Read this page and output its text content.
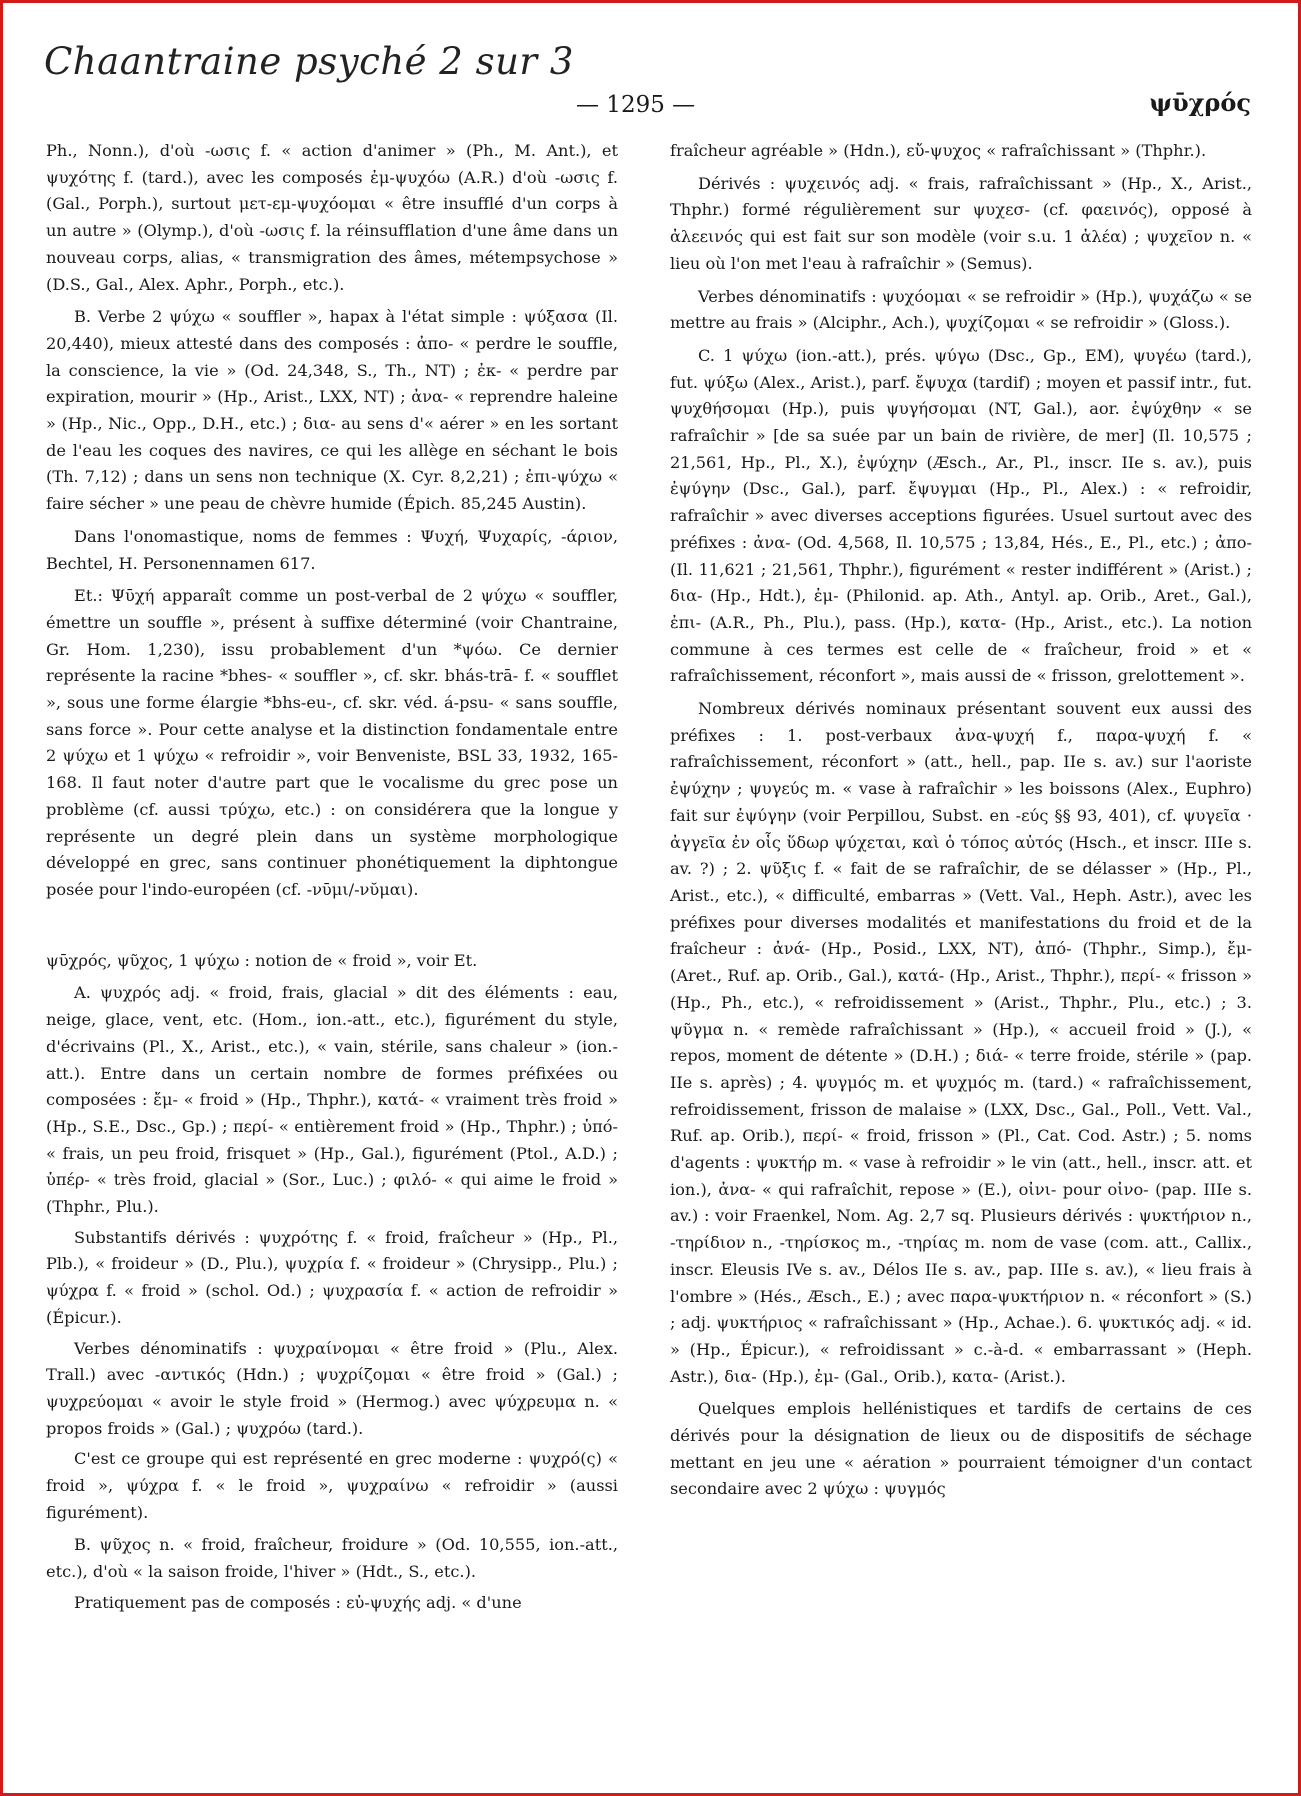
Chaantraine psyché 2 sur 3
— 1295 —	ψῡχρός

Ph., Nonn.), d'où -ωσις f. « action d'animer » (Ph., M. Ant.), et ψυχότης f. (tard.), avec les composés ἐμ-ψυχόω (A.R.) d'où -ωσις f. (Gal., Porph.), surtout μετ-εμ-ψυχόομαι « être insufflé d'un corps à un autre » (Olymp.), d'où -ωσις f. la réinsufflation d'une âme dans un nouveau corps, alias, « transmigration des âmes, métempsychose » (D.S., Gal., Alex. Aphr., Porph., etc.).

B. Verbe 2 ψύχω « souffler », hapax à l'état simple : ψύξασα (Il. 20,440), mieux attesté dans des composés : ἀπο- « perdre le souffle, la conscience, la vie » (Od. 24,348, S., Th., NT) ; ἐκ- « perdre par expiration, mourir » (Hp., Arist., LXX, NT) ; ἀνα- « reprendre haleine » (Hp., Nic., Opp., D.H., etc.) ; δια- au sens d'« aérer » en les sortant de l'eau les coques des navires, ce qui les allège en séchant le bois (Th. 7,12) ; dans un sens non technique (X. Cyr. 8,2,21) ; ἐπι-ψύχω « faire sécher » une peau de chèvre humide (Épich. 85,245 Austin).

Dans l'onomastique, noms de femmes : Ψυχή, Ψυχαρίς, -άριον, Bechtel, H. Personennamen 617.

Et.: Ψῡχή apparaît comme un post-verbal de 2 ψύχω « souffler, émettre un souffle », présent à suffixe déterminé (voir Chantraine, Gr. Hom. 1,230), issu probablement d'un *ψόω. Ce dernier représente la racine *bhes- « souffler », cf. skr. bhás-trā- f. « soufflet », sous une forme élargie *bhs-eu-, cf. skr. véd. á-psu- « sans souffle, sans force ». Pour cette analyse et la distinction fondamentale entre 2 ψύχω et 1 ψύχω « refroidir », voir Benveniste, BSL 33, 1932, 165-168. Il faut noter d'autre part que le vocalisme du grec pose un problème (cf. aussi τρύχω, etc.) : on considérera que la longue y représente un degré plein dans un système morphologique développé en grec, sans continuer phonétiquement la diphtongue posée pour l'indo-européen (cf. -νῡμι/-νῠμαι).

ψῡχρός, ψῦχος, 1 ψύχω : notion de « froid », voir Et.

A. ψυχρός adj. « froid, frais, glacial » dit des éléments : eau, neige, glace, vent, etc. (Hom., ion.-att., etc.), figurément du style, d'écrivains (Pl., X., Arist., etc.), « vain, stérile, sans chaleur » (ion.-att.). Entre dans un certain nombre de formes préfixées ou composées : ἔμ- « froid » (Hp., Thphr.), κατά- « vraiment très froid » (Hp., S.E., Dsc., Gp.) ; περί- « entièrement froid » (Hp., Thphr.) ; ὑπό- « frais, un peu froid, frisquet » (Hp., Gal.), figurément (Ptol., A.D.) ; ὑπέρ- « très froid, glacial » (Sor., Luc.) ; φιλό- « qui aime le froid » (Thphr., Plu.).

Substantifs dérivés : ψυχρότης f. « froid, fraîcheur » (Hp., Pl., Plb.), « froideur » (D., Plu.), ψυχρία f. « froideur » (Chrysipp., Plu.) ; ψύχρα f. « froid » (schol. Od.) ; ψυχρασία f. « action de refroidir » (Épicur.).

Verbes dénominatifs : ψυχραίνομαι « être froid » (Plu., Alex. Trall.) avec -αντικός (Hdn.) ; ψυχρίζομαι « être froid » (Gal.) ; ψυχρεύομαι « avoir le style froid » (Hermog.) avec ψύχρευμα n. « propos froids » (Gal.) ; ψυχρόω (tard.).

C'est ce groupe qui est représenté en grec moderne : ψυχρό(ς) « froid », ψύχρα f. « le froid », ψυχραίνω « refroidir » (aussi figurément).

B. ψῦχος n. « froid, fraîcheur, froidure » (Od. 10,555, ion.-att., etc.), d'où « la saison froide, l'hiver » (Hdt., S., etc.).

Pratiquement pas de composés : εὐ-ψυχής adj. « d'une

fraîcheur agréable » (Hdn.), εὔ-ψυχος « rafraîchissant » (Thphr.).

Dérivés : ψυχεινός adj. « frais, rafraîchissant » (Hp., X., Arist., Thphr.) formé régulièrement sur ψυχεσ- (cf. φαεινός), opposé à ἀλεεινός qui est fait sur son modèle (voir s.u. 1 ἀλέα) ; ψυχεῖον n. « lieu où l'on met l'eau à rafraîchir » (Semus).

Verbes dénominatifs : ψυχόομαι « se refroidir » (Hp.), ψυχάζω « se mettre au frais » (Alciphr., Ach.), ψυχίζομαι « se refroidir » (Gloss.).

C. 1 ψύχω (ion.-att.), prés. ψύγω (Dsc., Gp., EM), ψυγέω (tard.), fut. ψύξω (Alex., Arist.), parf. ἔψυχα (tardif) ; moyen et passif intr., fut. ψυχθήσομαι (Hp.), puis ψυγήσομαι (NT, Gal.), aor. ἐψύχθην « se rafraîchir » [de sa suée par un bain de rivière, de mer] (Il. 10,575 ; 21,561, Hp., Pl., X.), ἐψύχην (Æsch., Ar., Pl., inscr. IIe s. av.), puis ἐψύγην (Dsc., Gal.), parf. ἔψυγμαι (Hp., Pl., Alex.) : « refroidir, rafraîchir » avec diverses acceptions figurées. Usuel surtout avec des préfixes : ἀνα- (Od. 4,568, Il. 10,575 ; 13,84, Hés., E., Pl., etc.) ; ἀπο- (Il. 11,621 ; 21,561, Thphr.), figurément « rester indifférent » (Arist.) ; δια- (Hp., Hdt.), ἐμ- (Philonid. ap. Ath., Antyl. ap. Orib., Aret., Gal.), ἐπι- (A.R., Ph., Plu.), pass. (Hp.), κατα- (Hp., Arist., etc.). La notion commune à ces termes est celle de « fraîcheur, froid » et « rafraîchissement, réconfort », mais aussi de « frisson, grelottement ».

Nombreux dérivés nominaux présentant souvent eux aussi des préfixes : 1. post-verbaux ἀνα-ψυχή f., παρα-ψυχή f. « rafraîchissement, réconfort » (att., hell., pap. IIe s. av.) sur l'aoriste ἐψύχην ; ψυγεύς m. « vase à rafraîchir » les boissons (Alex., Euphro) fait sur ἐψύγην (voir Perpillou, Subst. en -εύς §§ 93, 401), cf. ψυγεῖα · ἀγγεῖα ἐν οἷς ὕδωρ ψύχεται, καὶ ὁ τόπος αὐτός (Hsch., et inscr. IIIe s. av. ?) ; 2. ψῦξις f. « fait de se rafraîchir, de se délasser » (Hp., Pl., Arist., etc.), « difficulté, embarras » (Vett. Val., Heph. Astr.), avec les préfixes pour diverses modalités et manifestations du froid et de la fraîcheur : ἀνά- (Hp., Posid., LXX, NT), ἀπό- (Thphr., Simp.), ἔμ- (Aret., Ruf. ap. Orib., Gal.), κατά- (Hp., Arist., Thphr.), περί- « frisson » (Hp., Ph., etc.), « refroidissement » (Arist., Thphr., Plu., etc.) ; 3. ψῦγμα n. « remède rafraîchissant » (Hp.), « accueil froid » (J.), « repos, moment de détente » (D.H.) ; διά- « terre froide, stérile » (pap. IIe s. après) ; 4. ψυγμός m. et ψυχμός m. (tard.) « rafraîchissement, refroidissement, frisson de malaise » (LXX, Dsc., Gal., Poll., Vett. Val., Ruf. ap. Orib.), περί- « froid, frisson » (Pl., Cat. Cod. Astr.) ; 5. noms d'agents : ψυκτήρ m. « vase à refroidir » le vin (att., hell., inscr. att. et ion.), ἀνα- « qui rafraîchit, repose » (E.), οἰνι- pour οἰνο- (pap. IIIe s. av.) : voir Fraenkel, Nom. Ag. 2,7 sq. Plusieurs dérivés : ψυκτήριον n., -τηρίδιον n., -τηρίσκος m., -τηρίας m. nom de vase (com. att., Callix., inscr. Eleusis IVe s. av., Délos IIe s. av., pap. IIIe s. av.), « lieu frais à l'ombre » (Hés., Æsch., E.) ; avec παρα-ψυκτήριον n. « réconfort » (S.) ; adj. ψυκτήριος « rafraîchissant » (Hp., Achae.). 6. ψυκτικός adj. « id. » (Hp., Épicur.), « refroidissant » c.-à-d. « embarrassant » (Heph. Astr.), δια- (Hp.), ἐμ- (Gal., Orib.), κατα- (Arist.).

Quelques emplois hellénistiques et tardifs de certains de ces dérivés pour la désignation de lieux ou de dispositifs de séchage mettant en jeu une « aération » pourraient témoigner d'un contact secondaire avec 2 ψύχω : ψυγμός
